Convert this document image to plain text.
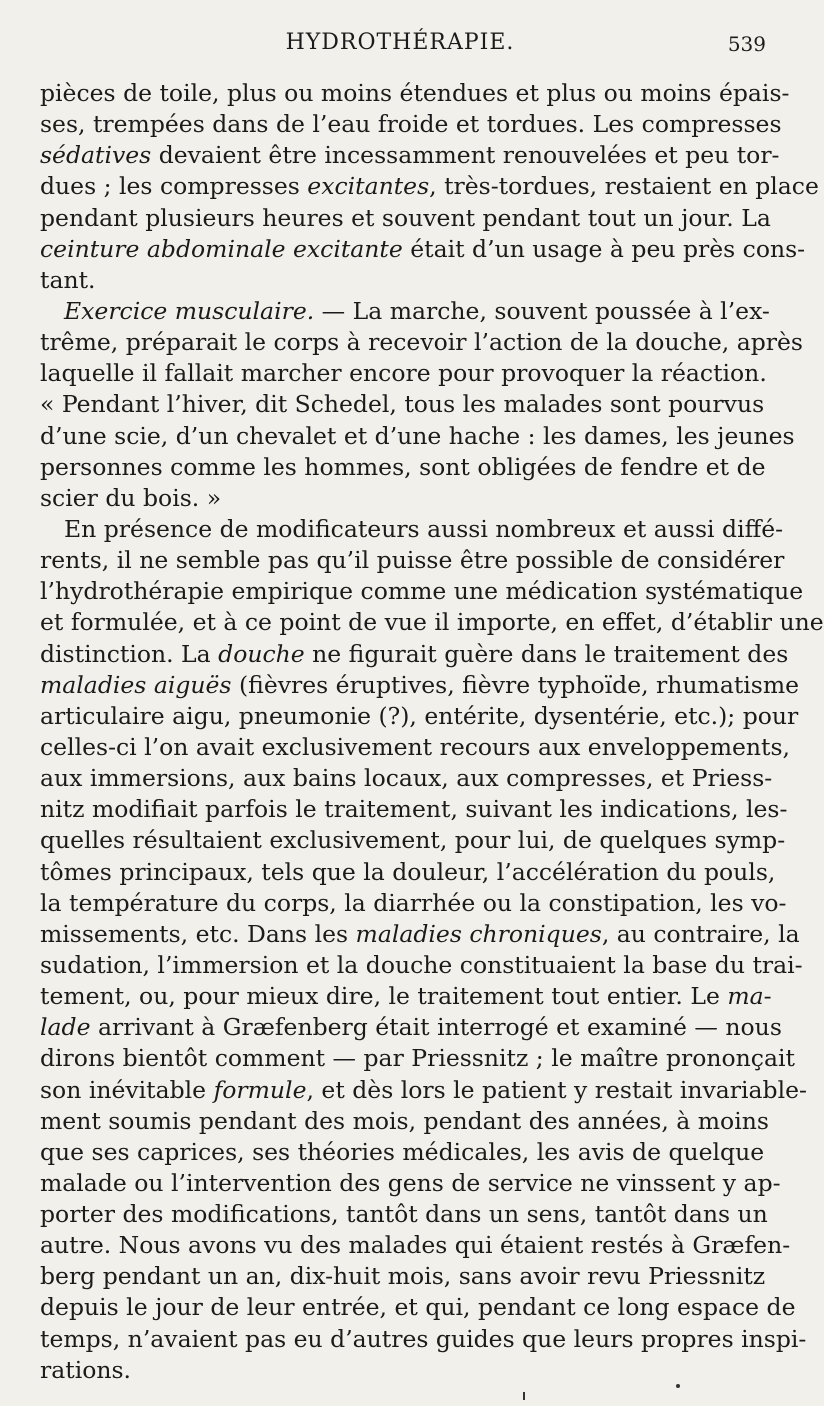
HYDROTHÉRAPIE.	539
pièces de toile, plus ou moins étendues et plus ou moins épais-
ses, trempées dans de l’eau froide et tordues. Les compresses
sédatives devaient être incessamment renouvelées et peu tor-
dues ; les compresses excitantes, très-tordues, restaient en place
pendant plusieurs heures et souvent pendant tout un jour. La
ceinture abdominale excitante était d’un usage à peu près cons-
tant.
Exercice musculaire. — La marche, souvent poussée à l’ex-
trême, préparait le corps à recevoir l’action de la douche, après
laquelle il fallait marcher encore pour provoquer la réaction.
« Pendant l’hiver, dit Schedel, tous les malades sont pourvus
d’une scie, d’un chevalet et d’une hache : les dames, les jeunes
personnes comme les hommes, sont obligées de fendre et de
scier du bois. »
En présence de modificateurs aussi nombreux et aussi diffé-
rents, il ne semble pas qu’il puisse être possible de considérer
l’hydrothérapie empirique comme une médication systématique
et formulée, et à ce point de vue il importe, en effet, d’établir une
distinction. La douche ne figurait guère dans le traitement des
maladies aiguës (fièvres éruptives, fièvre typhoïde, rhumatisme
articulaire aigu, pneumonie (?), entérite, dysentérie, etc.); pour
celles-ci l’on avait exclusivement recours aux enveloppements,
aux immersions, aux bains locaux, aux compresses, et Priess-
nitz modifiait parfois le traitement, suivant les indications, les-
quelles résultaient exclusivement, pour lui, de quelques symp-
tômes principaux, tels que la douleur, l’accélération du pouls,
la température du corps, la diarrhée ou la constipation, les vo-
missements, etc. Dans les maladies chroniques, au contraire, la
sudation, l’immersion et la douche constituaient la base du trai-
tement, ou, pour mieux dire, le traitement tout entier. Le ma-
lade arrivant à Græfenberg était interrogé et examiné — nous
dirons bientôt comment — par Priessnitz ; le maître prononçait
son inévitable formule, et dès lors le patient y restait invariable-
ment soumis pendant des mois, pendant des années, à moins
que ses caprices, ses théories médicales, les avis de quelque
malade ou l’intervention des gens de service ne vinssent y ap-
porter des modifications, tantôt dans un sens, tantôt dans un
autre. Nous avons vu des malades qui étaient restés à Græfen-
berg pendant un an, dix-huit mois, sans avoir revu Priessnitz
depuis le jour de leur entrée, et qui, pendant ce long espace de
temps, n’avaient pas eu d’autres guides que leurs propres inspi-
rations.
